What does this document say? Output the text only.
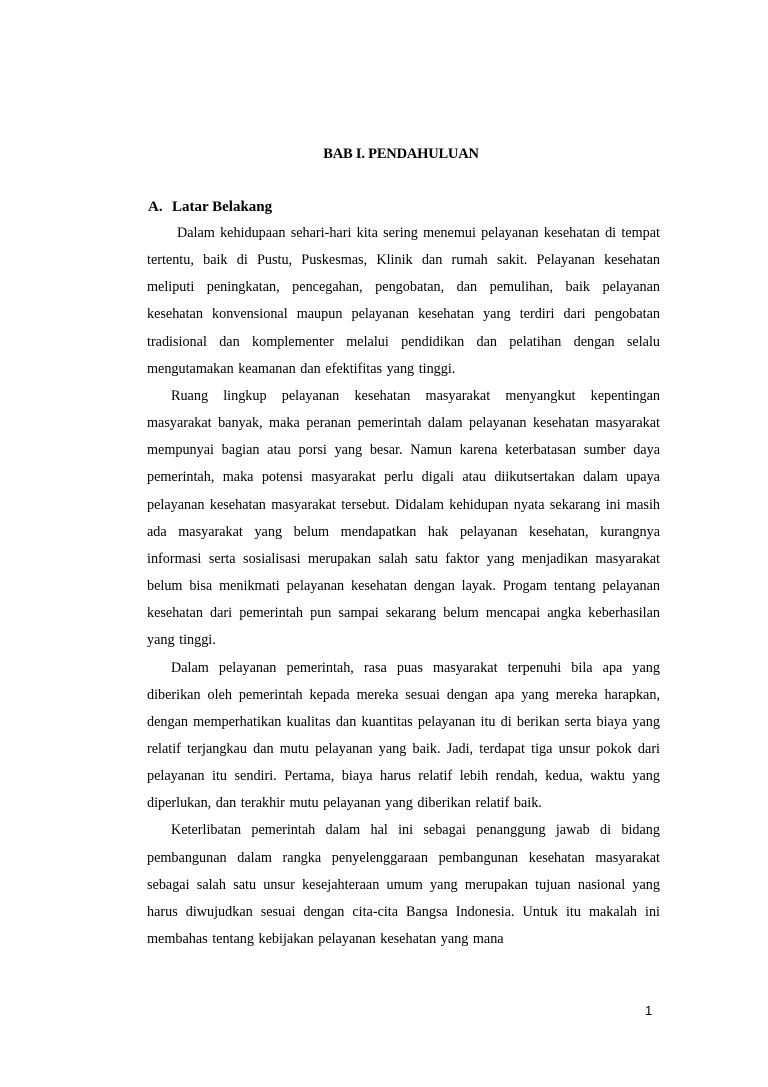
BAB I. PENDAHULUAN
A. Latar Belakang

Dalam kehidupaan sehari-hari kita sering menemui pelayanan kesehatan di tempat tertentu, baik di Pustu, Puskesmas, Klinik dan rumah sakit. Pelayanan kesehatan meliputi peningkatan, pencegahan, pengobatan, dan pemulihan, baik pelayanan kesehatan konvensional maupun pelayanan kesehatan yang terdiri dari pengobatan tradisional dan komplementer melalui pendidikan dan pelatihan dengan selalu mengutamakan keamanan dan efektifitas yang tinggi.

Ruang lingkup pelayanan kesehatan masyarakat menyangkut kepentingan masyarakat banyak, maka peranan pemerintah dalam pelayanan kesehatan masyarakat mempunyai bagian atau porsi yang besar. Namun karena keterbatasan sumber daya pemerintah, maka potensi masyarakat perlu digali atau diikutsertakan dalam upaya pelayanan kesehatan masyarakat tersebut. Didalam kehidupan nyata sekarang ini masih ada masyarakat yang belum mendapatkan hak pelayanan kesehatan, kurangnya informasi serta sosialisasi merupakan salah satu faktor yang menjadikan masyarakat belum bisa menikmati pelayanan kesehatan dengan layak. Progam tentang pelayanan kesehatan dari pemerintah pun sampai sekarang belum mencapai angka keberhasilan yang tinggi.

Dalam pelayanan pemerintah, rasa puas masyarakat terpenuhi bila apa yang diberikan oleh pemerintah kepada mereka sesuai dengan apa yang mereka harapkan, dengan memperhatikan kualitas dan kuantitas pelayanan itu di berikan serta biaya yang relatif terjangkau dan mutu pelayanan yang baik. Jadi, terdapat tiga unsur pokok dari pelayanan itu sendiri. Pertama, biaya harus relatif lebih rendah, kedua, waktu yang diperlukan, dan terakhir mutu pelayanan yang diberikan relatif baik.

Keterlibatan pemerintah dalam hal ini sebagai penanggung jawab di bidang pembangunan dalam rangka penyelenggaraan pembangunan kesehatan masyarakat sebagai salah satu unsur kesejahteraan umum yang merupakan tujuan nasional yang harus diwujudkan sesuai dengan cita-cita Bangsa Indonesia. Untuk itu makalah ini membahas tentang kebijakan pelayanan kesehatan yang mana

1
